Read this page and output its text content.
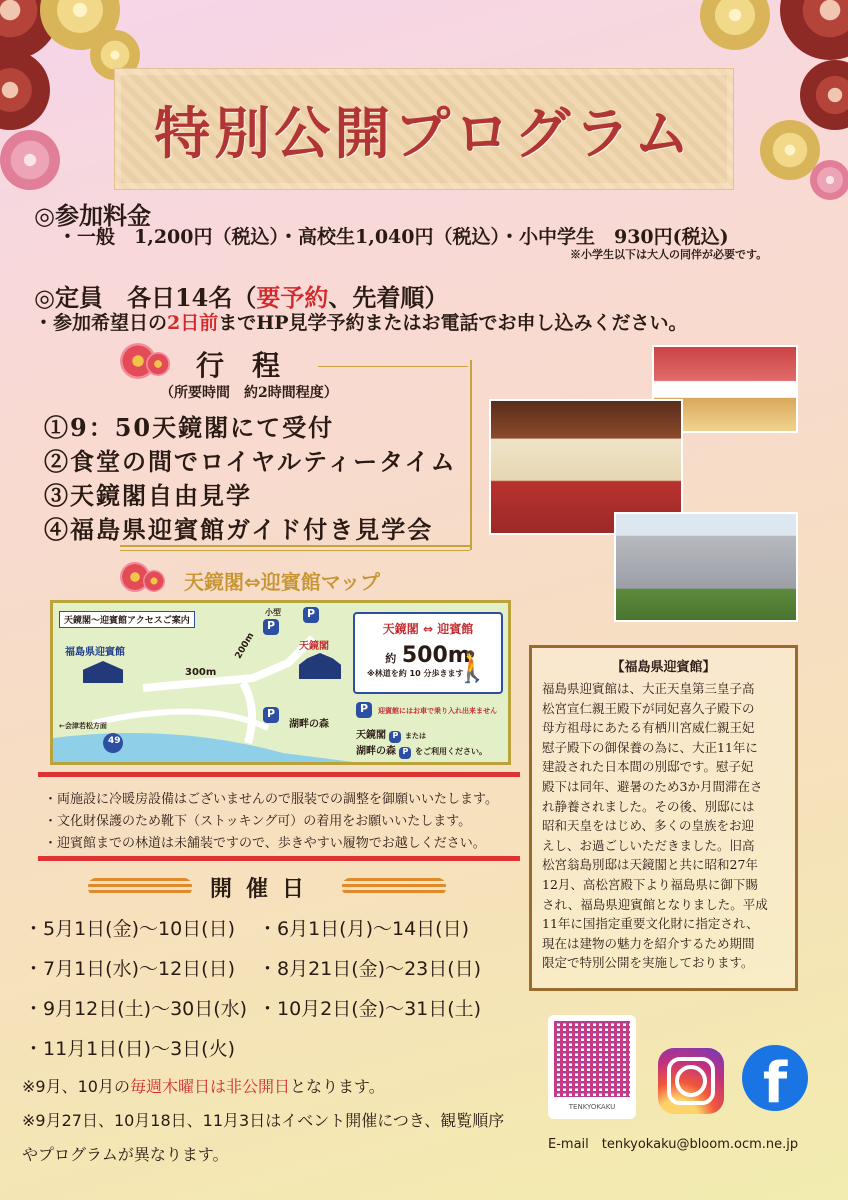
特別公開プログラム
◎参加料金
・一般　1,200円（税込）・高校生1,040円（税込）・小中学生　930円(税込)
※小学生以下は大人の同伴が必要です。
◎定員　各日14名（要予約、先着順）
・参加希望日の2日前までHP見学予約またはお電話でお申し込みください。
行程
（所要時間　約2時間程度）
①9：50天鏡閣にて受付
②食堂の間でロイヤルティータイム
③天鏡閣自由見学
④福島県迎賓館ガイド付き見学会
天鏡閣⇔迎賓館マップ
天鏡閣〜迎賓館アクセスご案内
福島県迎賓館
小型
P
P
天鏡閣
300m
200m
P
湖畔の森
←会津若松方面
49
天鏡閣 ⇔ 迎賓館
約 500m
※林道を約 10 分歩きます
🚶
P	迎賓館にはお車で乗り入れ出来ません
天鏡閣 P または
湖畔の森 P をご利用ください。
・両施設に冷暖房設備はございませんので服装での調整を御願いいたします。
・文化財保護のため靴下（ストッキング可）の着用をお願いいたします。
・迎賓館までの林道は未舗装ですので、歩きやすい履物でお越しください。
開催日
・5月1日(金)〜10日(日) ・6月1日(月)〜14日(日)
・7月1日(水)〜12日(日) ・8月21日(金)〜23日(日)
・9月12日(土)〜30日(水) ・10月2日(金)〜31日(土)
・11月1日(日)〜3日(火)
※9月、10月の毎週木曜日は非公開日となります。
※9月27日、10月18日、11月3日はイベント開催につき、観覧順序
やプログラムが異なります。
【福島県迎賓館】
福島県迎賓館は、大正天皇第三皇子高
松宮宣仁親王殿下が同妃喜久子殿下の
母方祖母にあたる有栖川宮威仁親王妃
慰子殿下の御保養の為に、大正11年に
建設された日本間の別邸です。慰子妃
殿下は同年、避暑のため3か月間滞在さ
れ静養されました。その後、別邸には
昭和天皇をはじめ、多くの皇族をお迎
えし、お過ごしいただきました。旧高
松宮翁島別邸は天鏡閣と共に昭和27年
12月、高松宮殿下より福島県に御下賜
され、福島県迎賓館となりました。平成
11年に国指定重要文化財に指定され、
現在は建物の魅力を紹介するため期間
限定で特別公開を実施しております。
TENKYOKAKU	f
E-mail　tenkyokaku@bloom.ocm.ne.jp
